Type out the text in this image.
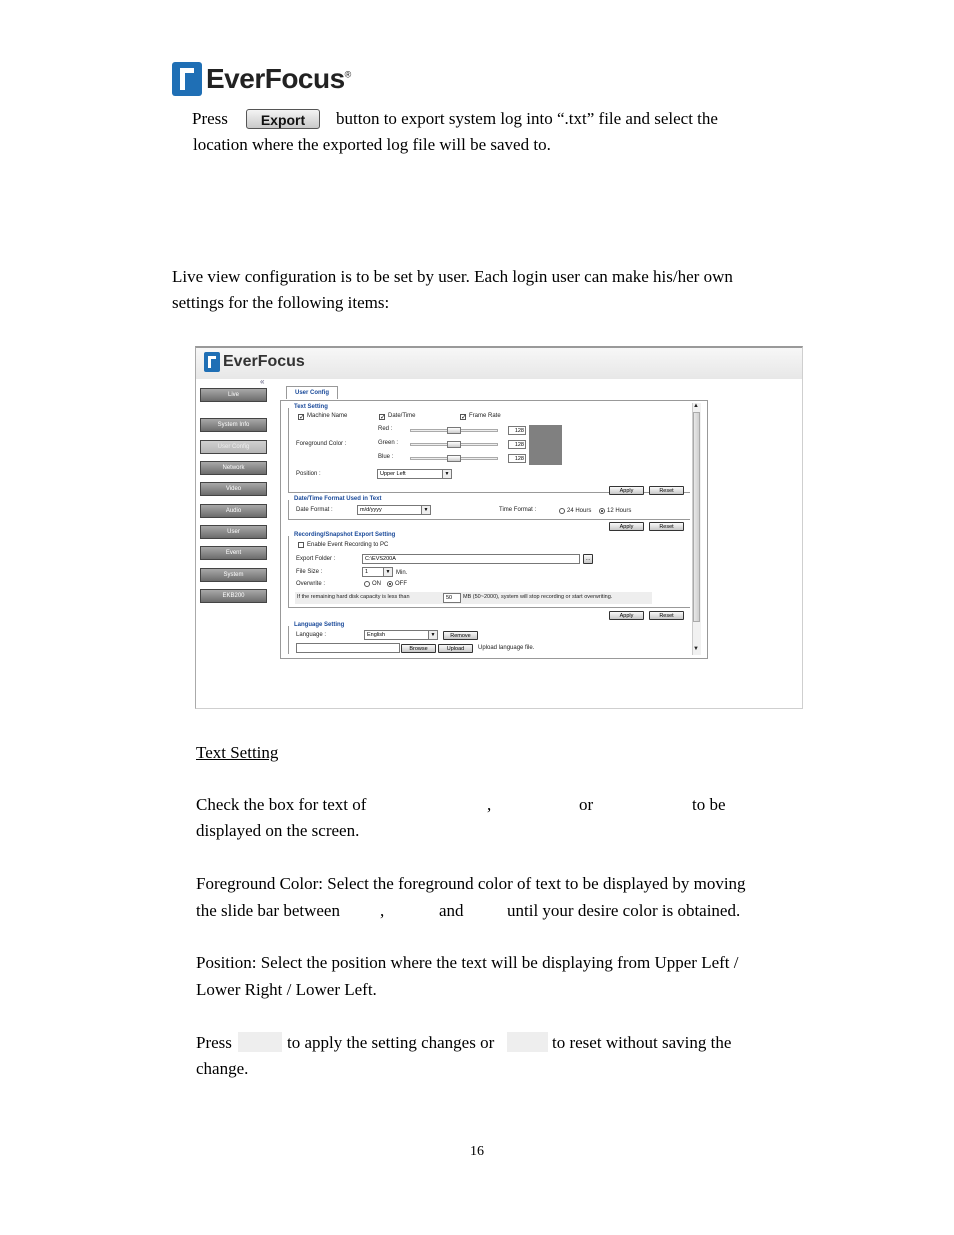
EverFocus®
Press	Export	button to export system log into “.txt” file and select the
location where the exported log file will be saved to.
Live view configuration is to be set by user. Each login user can make his/her own
settings for the following items:
EverFocus
«
Live
System Info
User Config
Network
Video
Audio
User
Event
System
EKB200
User Config
Text Setting
✓
Machine Name ✓	Date/Time ✓	Frame Rate
Foreground Color :
Red :	128
Green :	128
Blue :	128
Position :	Upper Left	▼
Apply	Reset
Date/Time Format Used in Text
Date Format :	m/d/yyyy	▼	Time Format :	24 Hours	12 Hours
Apply	Reset
Recording/Snapshot Export Setting
Enable Event Recording to PC
Export Folder :	C:\EVS200A	...
File Size :	1	▼ Min.
Overwrite :	ON OFF
If the remaining hard disk capacity is less than	50	MB (50~2000), system will stop recording or start overwriting.
Apply	Reset
Language Setting
Language :	English	▼	Remove
Browse	Upload	Upload language file.
▲
▼
Text Setting
Check the box for text of	,	or	to be
displayed on the screen.
Foreground Color: Select the foreground color of text to be displayed by moving
the slide bar between ,	and	until your desire color is obtained.
Position: Select the position where the text will be displaying from Upper Left /
Lower Right / Lower Left.
Press	to apply the setting changes or	to reset without saving the
change.
16
